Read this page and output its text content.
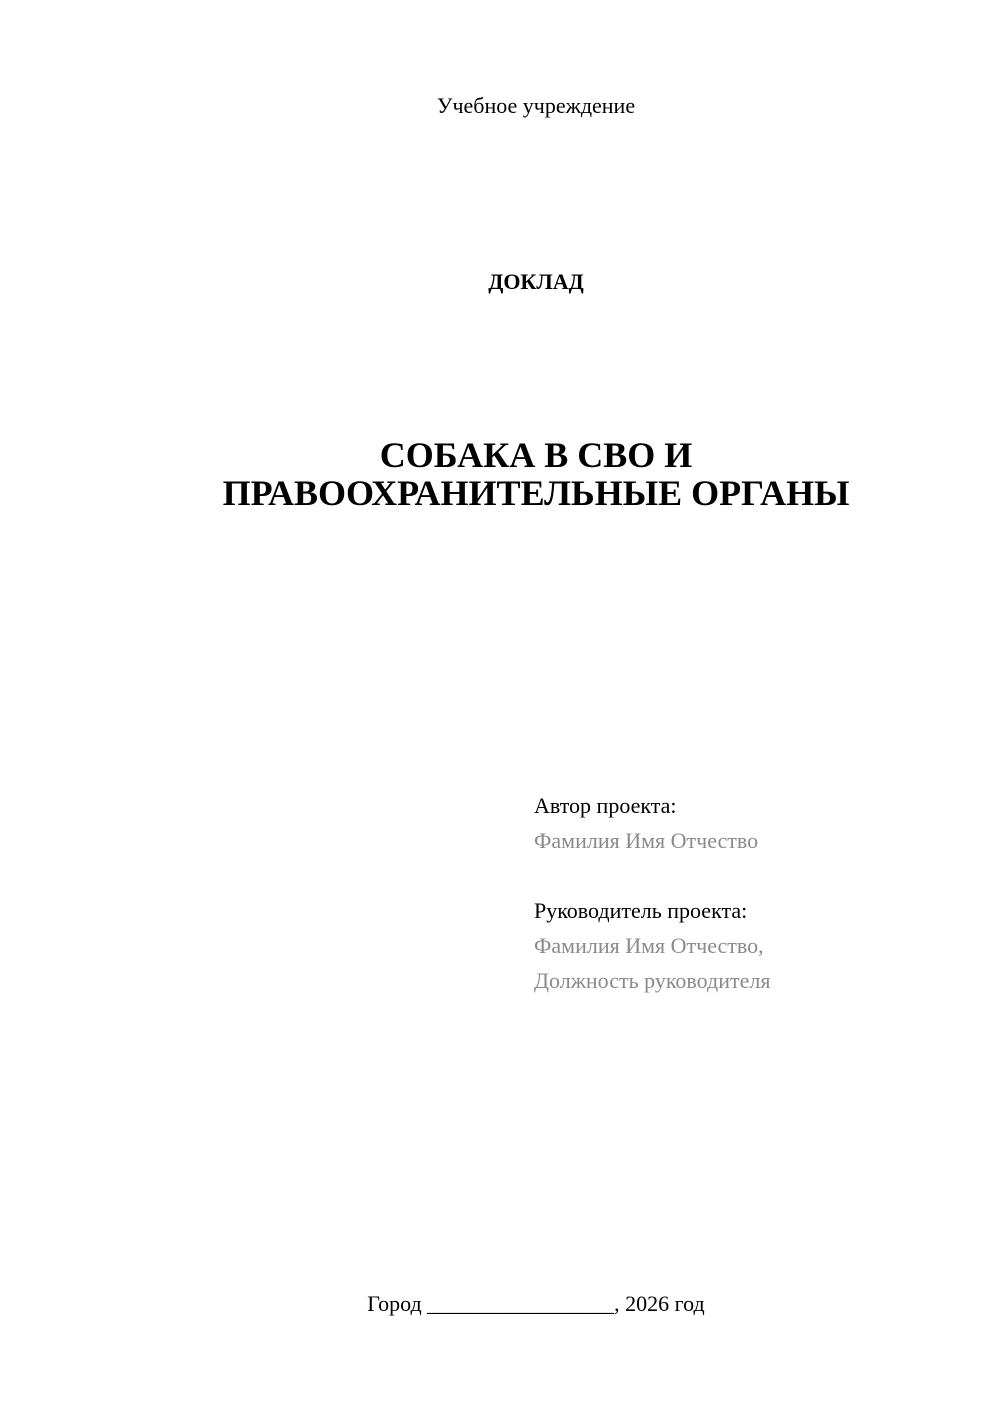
Учебное учреждение

ДОКЛАД

СОБАКА В СВО И
ПРАВООХРАНИТЕЛЬНЫЕ ОРГАНЫ
Автор проекта:
Фамилия Имя Отчество
Руководитель проекта:
Фамилия Имя Отчество,
Должность руководителя

Город _________________, 2026 год
